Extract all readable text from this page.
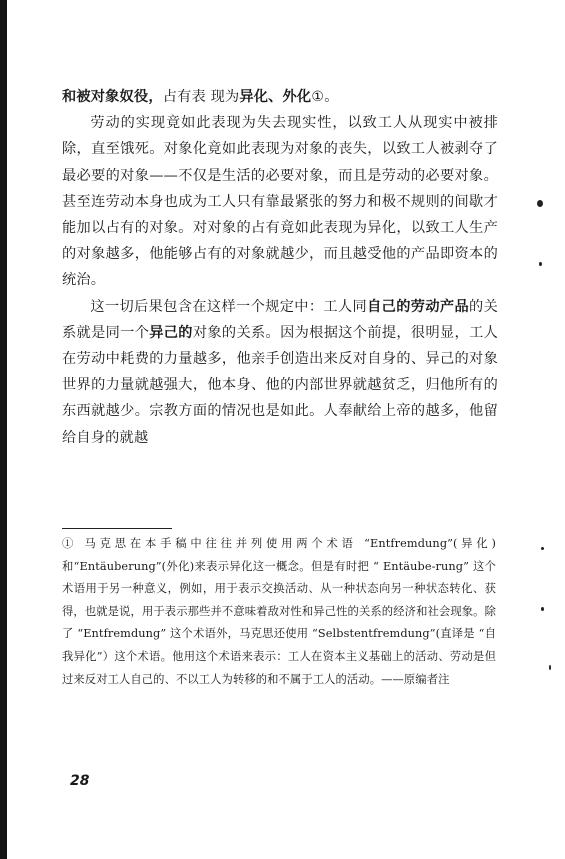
和被对象奴役，占有表 现为异化、外化①。

劳动的实现竟如此表现为失去现实性，以致工人从现实中被排除，直至饿死。对象化竟如此表现为对象的丧失，以致工人被剥夺了最必要的对象——不仅是生活的必要对象，而且是劳动的必要对象。甚至连劳动本身也成为工人只有靠最紧张的努力和极不规则的间歇才能加以占有的对象。对对象的占有竟如此表现为异化，以致工人生产的对象越多，他能够占有的对象就越少，而且越受他的产品即资本的统治。

这一切后果包含在这样一个规定中：工人同自己的劳动产品的关系就是同一个异己的对象的关系。因为根据这个前提，很明显，工人在劳动中耗费的力量越多，他亲手创造出来反对自身的、异己的对象世界的力量就越强大，他本身、他的内部世界就越贫乏，归他所有的东西就越少。宗教方面的情况也是如此。人奉献给上帝的越多，他留给自身的就越

① 马克思在本手稿中往往并列使用两个术语 “Entfremdung”(异化)和“Entäuberung”(外化)来表示异化这一概念。但是有时把 “ Entäube-rung” 这个术语用于另一种意义，例如，用于表示交换活动、从一种状态向另一种状态转化、获得，也就是说，用于表示那些并不意味着敌对性和异己性的关系的经济和社会现象。除了 “Entfremdung” 这个术语外，马克思还使用 “Selbstentfremdung”(直译是 “自我异化”）这个术语。他用这个术语来表示：工人在资本主义基础上的活动、劳动是但过来反对工人自己的、不以工人为转移的和不属于工人的活动。——原编者注

28
